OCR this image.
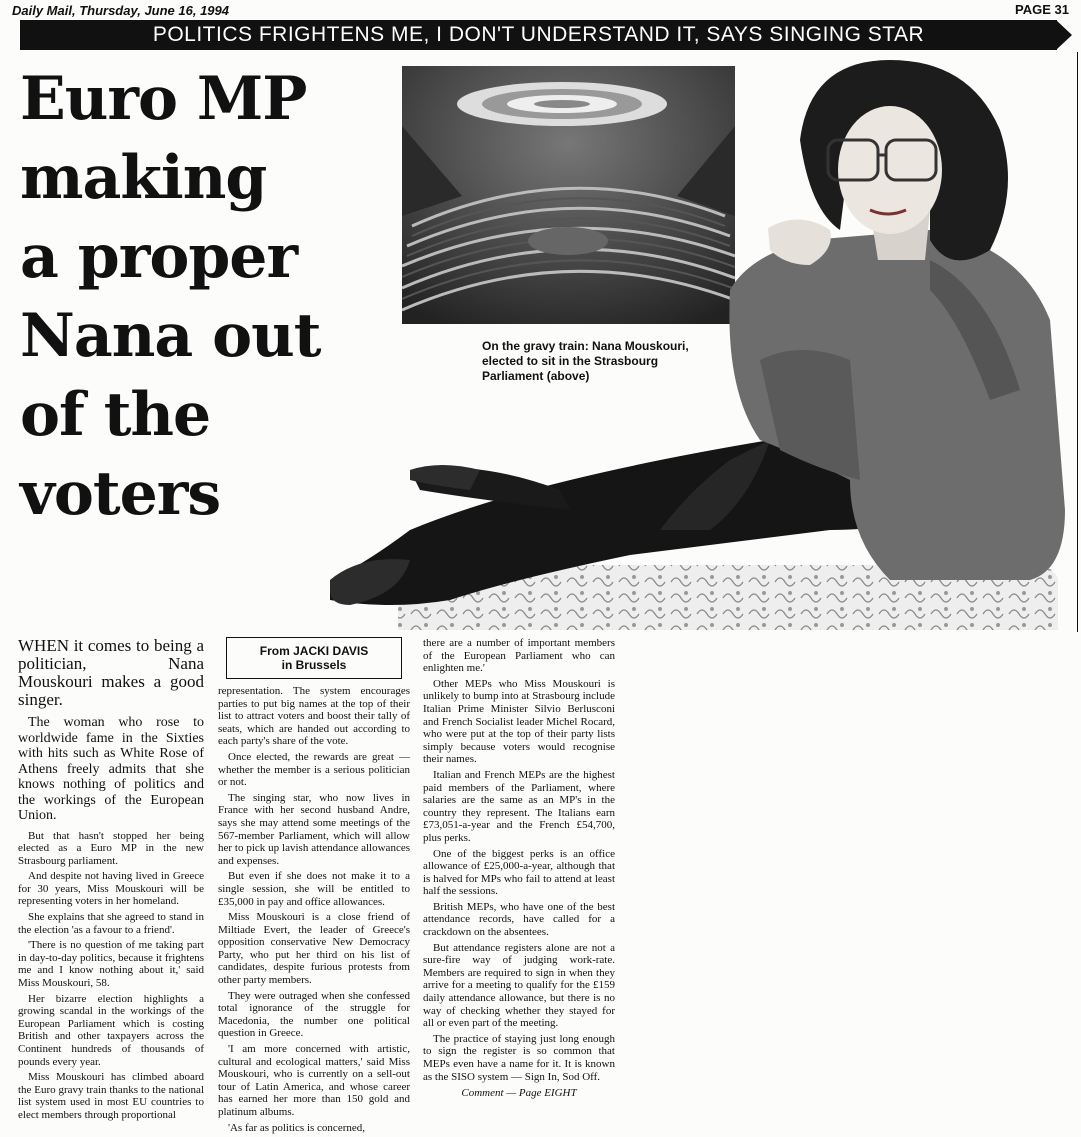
Daily Mail, Thursday, June 16, 1994	PAGE 31
POLITICS FRIGHTENS ME, I DON'T UNDERSTAND IT, SAYS SINGING STAR
Euro MP
making
a proper
Nana out
of the
voters
On the gravy train: Nana Mouskouri, elected to sit in the Strasbourg Parliament (above)

WHEN it comes to being a politician, Nana Mouskouri makes a good singer.

The woman who rose to worldwide fame in the Sixties with hits such as White Rose of Athens freely admits that she knows nothing of politics and the workings of the European Union.

But that hasn't stopped her being elected as a Euro MP in the new Strasbourg parliament.

And despite not having lived in Greece for 30 years, Miss Mouskouri will be representing voters in her homeland.

She explains that she agreed to stand in the election 'as a favour to a friend'.

'There is no question of me taking part in day-to-day politics, because it frightens me and I know nothing about it,' said Miss Mouskouri, 58.

Her bizarre election highlights a growing scandal in the workings of the European Parliament which is costing British and other taxpayers across the Continent hundreds of thousands of pounds every year.

Miss Mouskouri has climbed aboard the Euro gravy train thanks to the national list system used in most EU countries to elect members through proportional

From JACKI DAVIS
in Brussels

representation. The system encourages parties to put big names at the top of their list to attract voters and boost their tally of seats, which are handed out according to each party's share of the vote.

Once elected, the rewards are great — whether the member is a serious politician or not.

The singing star, who now lives in France with her second husband Andre, says she may attend some meetings of the 567-member Parliament, which will allow her to pick up lavish attendance allowances and expenses.

But even if she does not make it to a single session, she will be entitled to £35,000 in pay and office allowances.

Miss Mouskouri is a close friend of Miltiade Evert, the leader of Greece's opposition conservative New Democracy Party, who put her third on his list of candidates, despite furious protests from other party members.

They were outraged when she confessed total ignorance of the struggle for Macedonia, the number one political question in Greece.

'I am more concerned with artistic, cultural and ecological matters,' said Miss Mouskouri, who is currently on a sell-out tour of Latin America, and whose career has earned her more than 150 gold and platinum albums.

'As far as politics is concerned,

there are a number of important members of the European Parliament who can enlighten me.'

Other MEPs who Miss Mouskouri is unlikely to bump into at Strasbourg include Italian Prime Minister Silvio Berlusconi and French Socialist leader Michel Rocard, who were put at the top of their party lists simply because voters would recognise their names.

Italian and French MEPs are the highest paid members of the Parliament, where salaries are the same as an MP's in the country they represent. The Italians earn £73,051-a-year and the French £54,700, plus perks.

One of the biggest perks is an office allowance of £25,000-a-year, although that is halved for MPs who fail to attend at least half the sessions.

British MEPs, who have one of the best attendance records, have called for a crackdown on the absentees.

But attendance registers alone are not a sure-fire way of judging work-rate. Members are required to sign in when they arrive for a meeting to qualify for the £159 daily attendance allowance, but there is no way of checking whether they stayed for all or even part of the meeting.

The practice of staying just long enough to sign the register is so common that MEPs even have a name for it. It is known as the SISO system — Sign In, Sod Off.

Comment — Page EIGHT
